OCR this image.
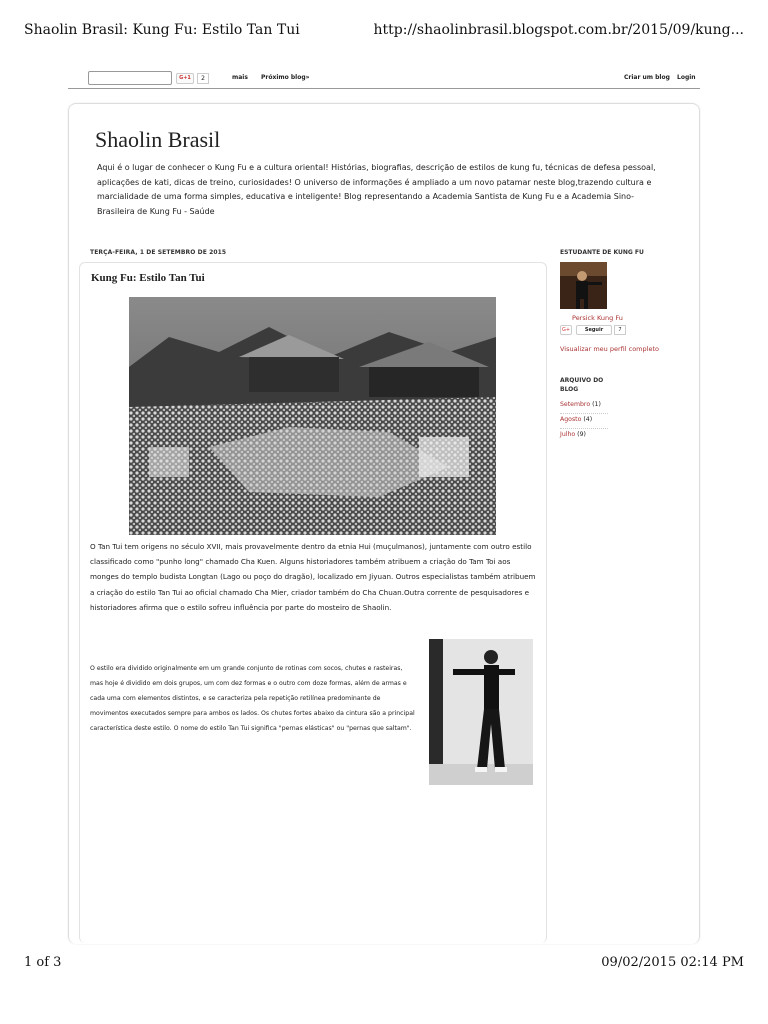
Shaolin Brasil: Kung Fu: Estilo Tan Tui	http://shaolinbrasil.blogspot.com.br/2015/09/kung...
G+1	2	mais Próximo blog»	Criar um blog Login
Shaolin Brasil
Aqui é o lugar de conhecer o Kung Fu e a cultura oriental! Histórias, biografias, descrição de estilos de kung fu, técnicas de defesa pessoal, aplicações de kati, dicas de treino, curiosidades! O universo de informações é ampliado a um novo patamar neste blog,trazendo cultura e marcialidade de uma forma simples, educativa e inteligente! Blog representando a Academia Santista de Kung Fu e a Academia Sino-Brasileira de Kung Fu - Saúde
TERÇA-FEIRA, 1 DE SETEMBRO DE 2015
Kung Fu: Estilo Tan Tui
O Tan Tui tem origens no século XVII, mais provavelmente dentro da etnia Hui (muçulmanos), juntamente com outro estilo classificado como "punho long" chamado Cha Kuen. Alguns historiadores também atribuem a criação do Tam Toi aos monges do templo budista Longtan (Lago ou poço do dragão), localizado em Jiyuan. Outros especialistas também atribuem a criação do estilo Tan Tui ao oficial chamado Cha Mier, criador também do Cha Chuan.Outra corrente de pesquisadores e historiadores afirma que o estilo sofreu influência por parte do mosteiro de Shaolin.
O estilo era dividido originalmente em um grande conjunto de rotinas com socos, chutes e rasteiras, mas hoje é dividido em dois grupos, um com dez formas e o outro com doze formas, além de armas e cada uma com elementos distintos, e se caracteriza pela repetição retilínea predominante de movimentos executados sempre para ambos os lados. Os chutes fortes abaixo da cintura são a principal característica deste estilo. O nome do estilo Tan Tui significa "pernas elásticas" ou "pernas que saltam".
ESTUDANTE DE KUNG FU
Persick Kung Fu
G+	Seguir	7
Visualizar meu perfil completo
ARQUIVO DO BLOG
Setembro (1)
Agosto (4)
Julho (9)
1 of 3	09/02/2015 02:14 PM
